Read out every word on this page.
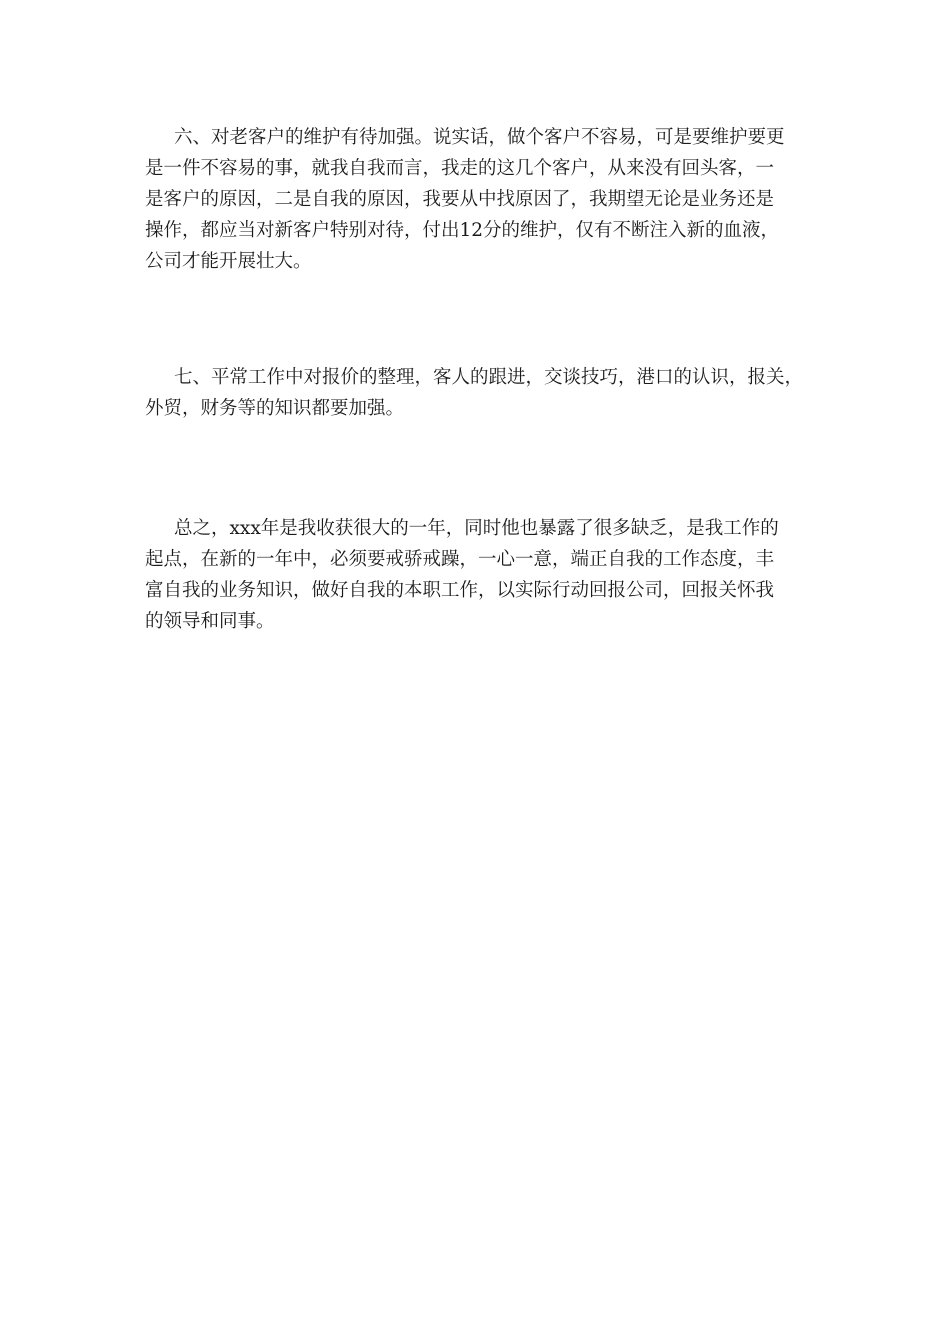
六、对老客户的维护有待加强。说实话，做个客户不容易，可是要维护要更
是一件不容易的事，就我自我而言，我走的这几个客户，从来没有回头客，一
是客户的原因，二是自我的原因，我要从中找原因了，我期望无论是业务还是
操作，都应当对新客户特别对待，付出12分的维护，仅有不断注入新的血液，
公司才能开展壮大。
七、平常工作中对报价的整理，客人的跟进，交谈技巧，港口的认识，报关，
外贸，财务等的知识都要加强。
总之，xxx年是我收获很大的一年，同时他也暴露了很多缺乏，是我工作的
起点，在新的一年中，必须要戒骄戒躁，一心一意，端正自我的工作态度，丰
富自我的业务知识，做好自我的本职工作，以实际行动回报公司，回报关怀我
的领导和同事。
